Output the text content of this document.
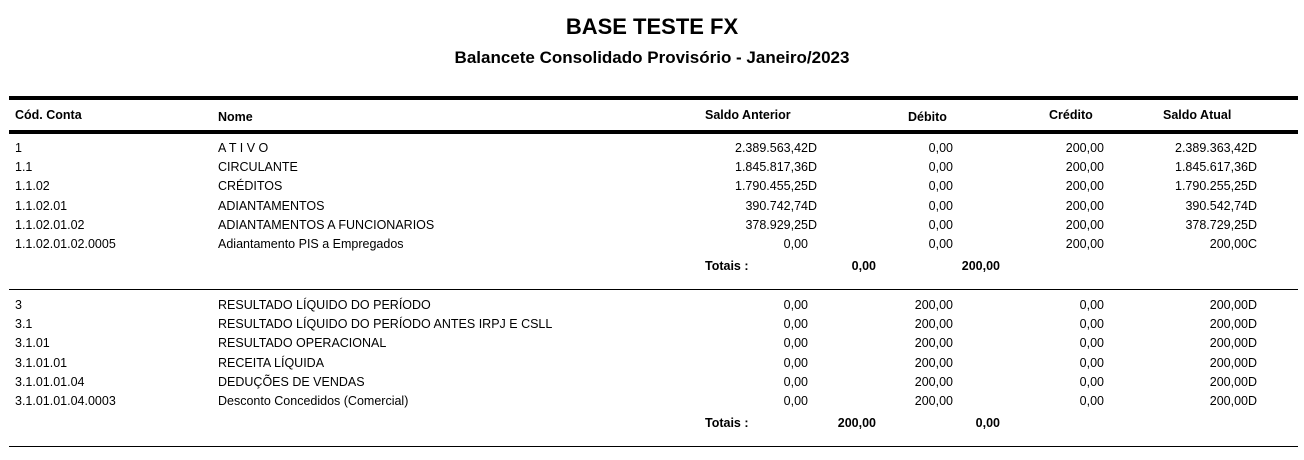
BASE TESTE FX
Balancete Consolidado Provisório - Janeiro/2023
Cód. Conta	Nome	Saldo Anterior	Débito	Crédito	Saldo Atual
1	A T I V O	2.389.563,42 D	0,00	200,00	2.389.363,42 D
1.1	CIRCULANTE	1.845.817,36 D	0,00	200,00	1.845.617,36 D
1.1.02	CRÉDITOS	1.790.455,25 D	0,00	200,00	1.790.255,25 D
1.1.02.01	ADIANTAMENTOS	390.742,74 D	0,00	200,00	390.542,74 D
1.1.02.01.02	ADIANTAMENTOS A FUNCIONARIOS	378.929,25 D	0,00	200,00	378.729,25 D
1.1.02.01.02.0005	Adiantamento PIS a Empregados	0,00	0,00	200,00	200,00 C
Totais :	0,00	200,00
3	RESULTADO LÍQUIDO DO PERÍODO	0,00	200,00	0,00	200,00 D
3.1	RESULTADO LÍQUIDO DO PERÍODO ANTES IRPJ E CSLL	0,00	200,00	0,00	200,00 D
3.1.01	RESULTADO OPERACIONAL	0,00	200,00	0,00	200,00 D
3.1.01.01	RECEITA LÍQUIDA	0,00	200,00	0,00	200,00 D
3.1.01.01.04	DEDUÇÕES DE VENDAS	0,00	200,00	0,00	200,00 D
3.1.01.01.04.0003	Desconto Concedidos (Comercial)	0,00	200,00	0,00	200,00 D
Totais :	200,00	0,00
